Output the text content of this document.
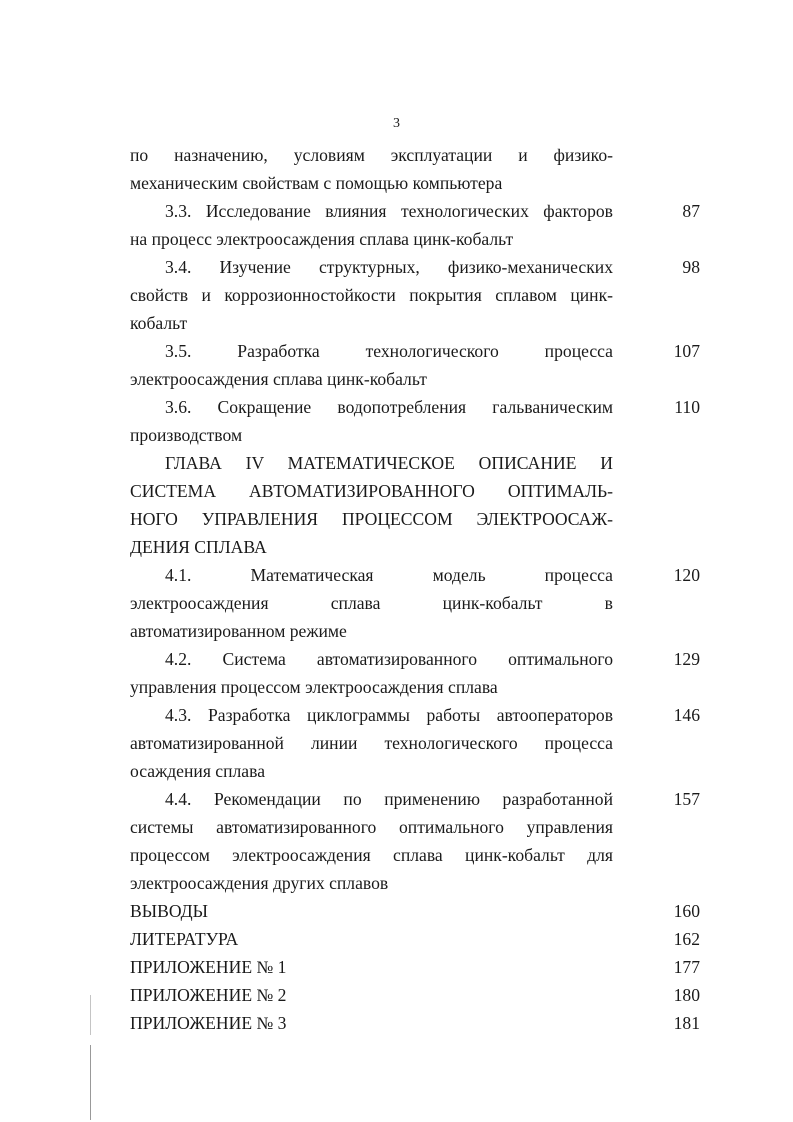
3
по назначению, условиям эксплуатации и физико-
механическим свойствам с помощью компьютера
3.3. Исследование влияния технологических факторов
на процесс электроосаждения сплава цинк-кобальт
87
3.4. Изучение структурных, физико-механических
свойств и коррозионностойкости покрытия сплавом цинк-
кобальт
98
3.5. Разработка технологического процесса
электроосаждения сплава цинк-кобальт
107
3.6. Сокращение водопотребления гальваническим
производством
110
ГЛАВА IV МАТЕМАТИЧЕСКОЕ ОПИСАНИЕ И
СИСТЕМА АВТОМАТИЗИРОВАННОГО ОПТИМАЛЬ-
НОГО УПРАВЛЕНИЯ ПРОЦЕССОМ ЭЛЕКТРООСАЖ-
ДЕНИЯ СПЛАВА
4.1. Математическая модель процесса
электроосаждения сплава цинк-кобальт в
автоматизированном режиме
120
4.2. Система автоматизированного оптимального
управления процессом электроосаждения сплава
129
4.3. Разработка циклограммы работы автооператоров
автоматизированной линии технологического процесса
осаждения сплава
146
4.4. Рекомендации по применению разработанной
системы автоматизированного оптимального управления
процессом электроосаждения сплава цинк-кобальт для
электроосаждения других сплавов
157
ВЫВОДЫ	160
ЛИТЕРАТУРА	162
ПРИЛОЖЕНИЕ № 1	177
ПРИЛОЖЕНИЕ № 2	180
ПРИЛОЖЕНИЕ № 3	181
